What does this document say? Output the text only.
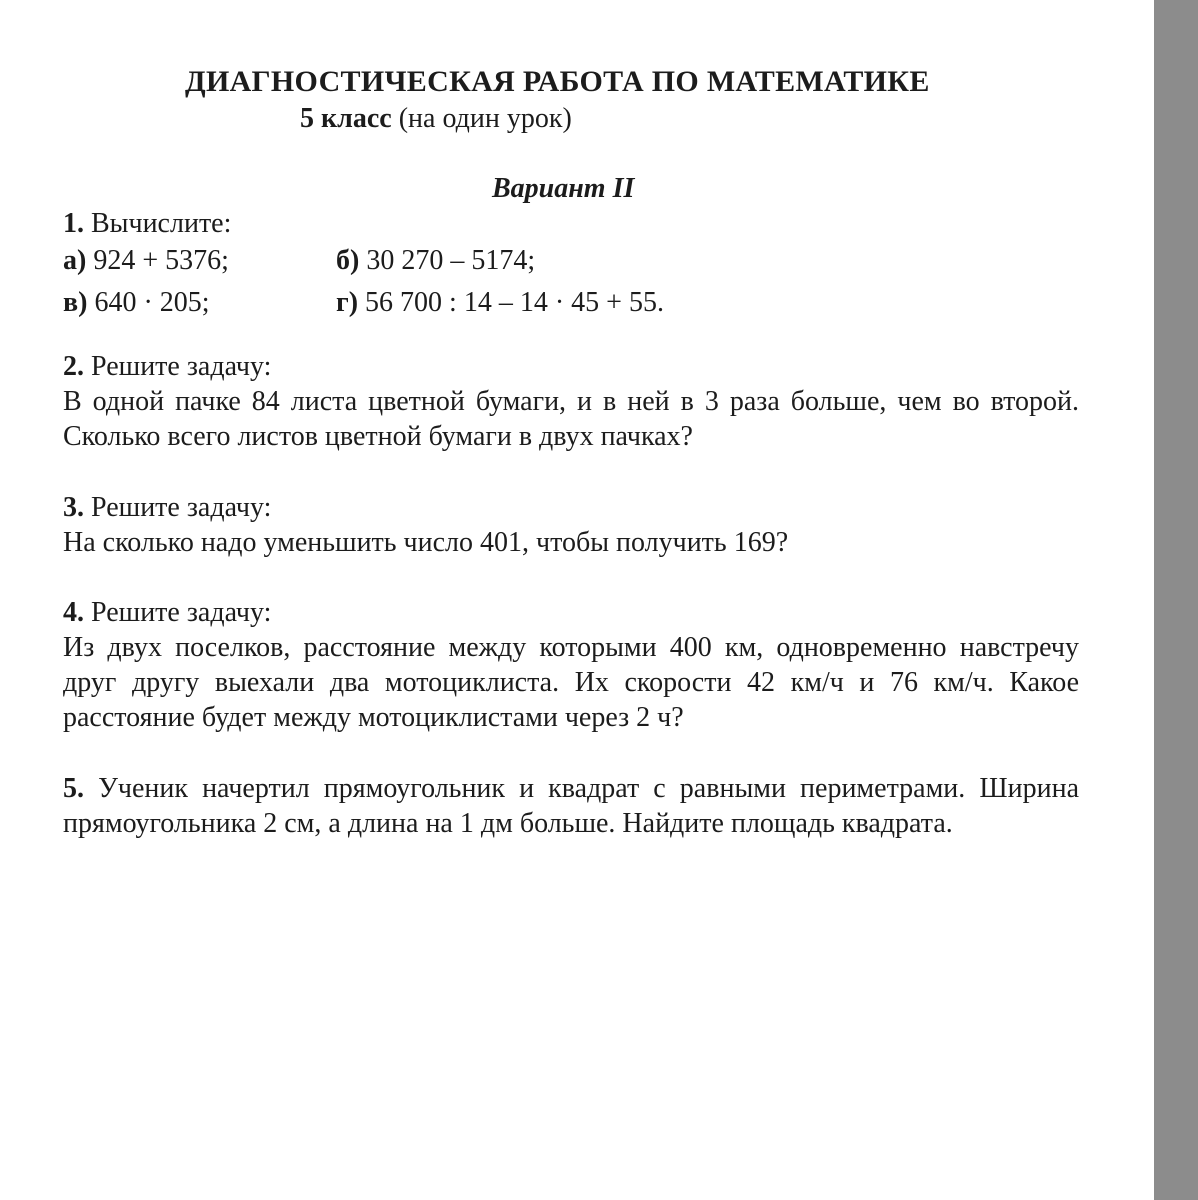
ДИАГНОСТИЧЕСКАЯ РАБОТА ПО МАТЕМАТИКЕ
5 класс (на один урок)
Вариант II
1. Вычислите:
а) 924 + 5376;	б) 30 270 – 5174;
в) 640 · 205;	г) 56 700 : 14 – 14 · 45 + 55.
2. Решите задачу:
В одной пачке 84 листа цветной бумаги, и в ней в 3 раза больше, чем во второй. Сколько всего листов цветной бумаги в двух пачках?
3. Решите задачу:
На сколько надо уменьшить число 401, чтобы получить 169?
4. Решите задачу:
Из двух поселков, расстояние между которыми 400 км, одновременно навстречу друг другу выехали два мотоциклиста. Их скорости 42 км/ч и 76 км/ч. Какое расстояние будет между мотоциклистами через 2 ч?
5. Ученик начертил прямоугольник и квадрат с равными периметрами. Ширина прямоугольника 2 см, а длина на 1 дм больше. Найдите площадь квадрата.
